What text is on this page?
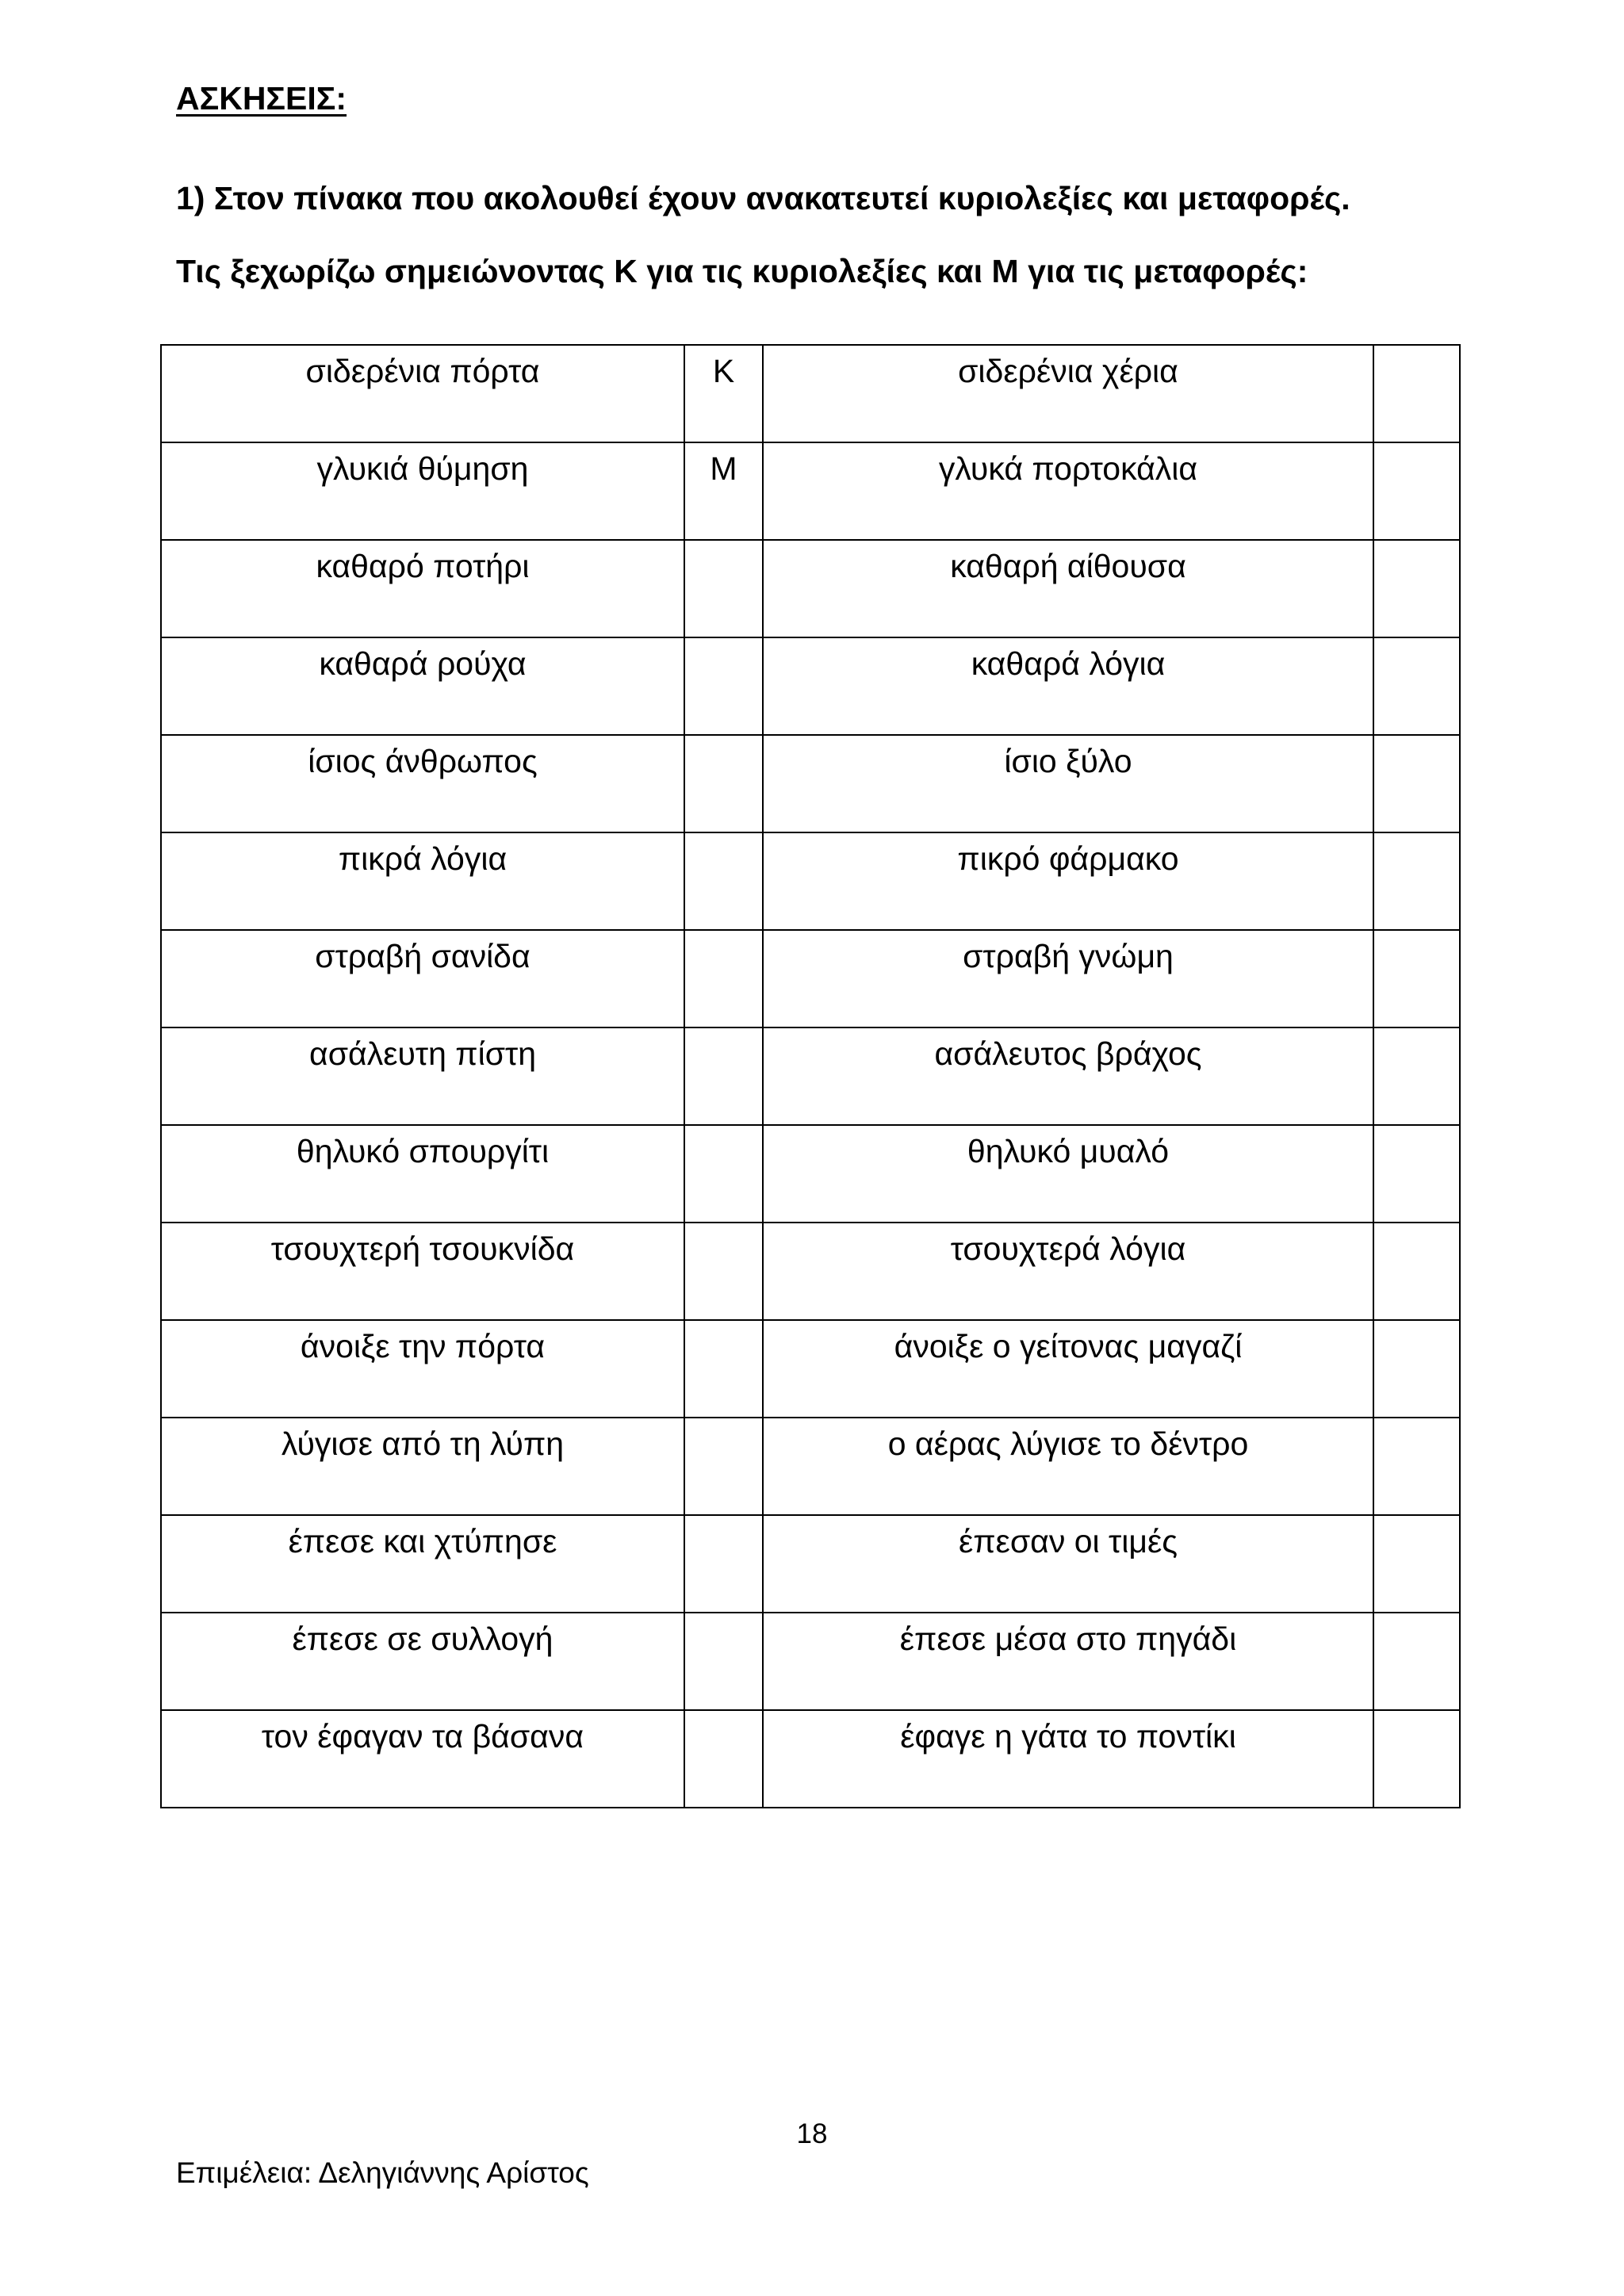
ΑΣΚΗΣΕΙΣ:
1) Στον πίνακα που ακολουθεί έχουν ανακατευτεί κυριολεξίες και μεταφορές.
Τις ξεχωρίζω σημειώνοντας Κ για τις κυριολεξίες και Μ για τις μεταφορές:
σιδερένια πόρτα	Κ	σιδερένια χέρια	

γλυκιά θύμηση	Μ	γλυκά πορτοκάλια	

καθαρό ποτήρι		καθαρή αίθουσα	

καθαρά ρούχα		καθαρά λόγια	

ίσιος άνθρωπος		ίσιο ξύλο	

πικρά λόγια		πικρό φάρμακο	

στραβή σανίδα		στραβή γνώμη	

ασάλευτη πίστη		ασάλευτος βράχος	

θηλυκό σπουργίτι		θηλυκό μυαλό	

τσουχτερή τσουκνίδα		τσουχτερά λόγια	

άνοιξε την πόρτα		άνοιξε ο γείτονας μαγαζί	

λύγισε από τη λύπη		ο αέρας λύγισε το δέντρο	

έπεσε και χτύπησε		έπεσαν οι τιμές	

έπεσε σε συλλογή		έπεσε μέσα στο πηγάδι	

τον έφαγαν τα βάσανα		έφαγε η γάτα το ποντίκι	

18
Επιμέλεια: Δεληγιάννης Αρίστος
